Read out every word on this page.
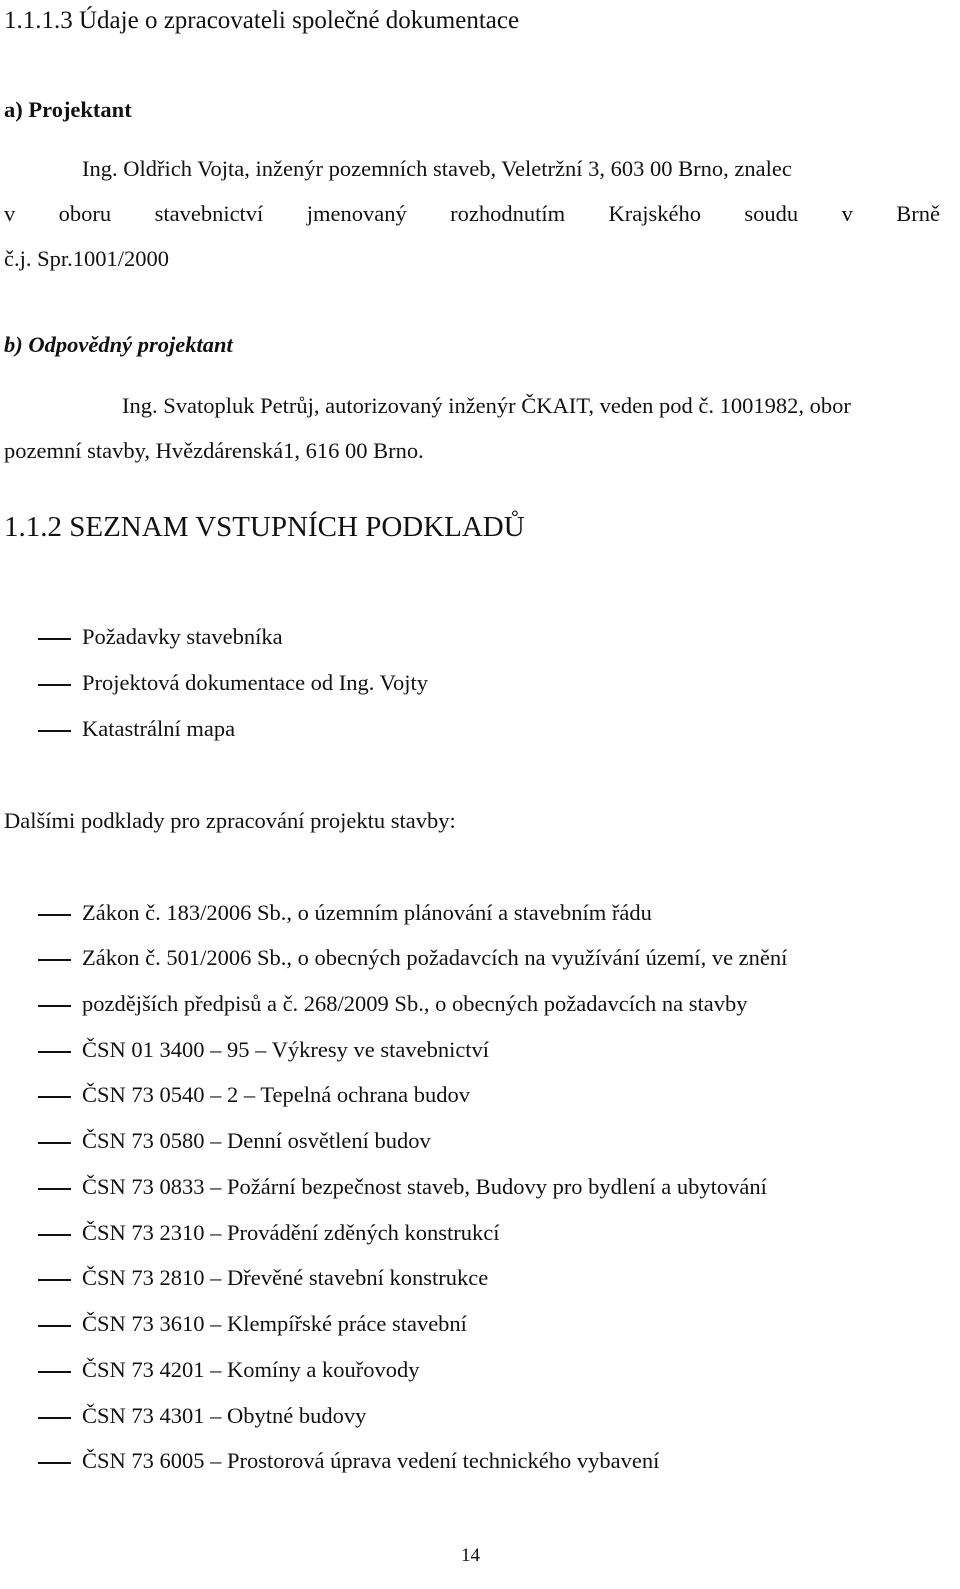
1.1.1.3 Údaje o zpracovateli společné dokumentace
a) Projektant
Ing. Oldřich Vojta, inženýr pozemních staveb, Veletržní 3, 603 00 Brno, znalec
v oboru stavebnictví jmenovaný rozhodnutím Krajského soudu v Brně
č.j. Spr.1001/2000
b) Odpovědný projektant
Ing. Svatopluk Petrůj, autorizovaný inženýr ČKAIT, veden pod č. 1001982, obor
pozemní stavby, Hvězdárenská1, 616 00 Brno.
1.1.2 SEZNAM VSTUPNÍCH PODKLADŮ
Požadavky stavebníka
Projektová dokumentace od Ing. Vojty
Katastrální mapa
Dalšími podklady pro zpracování projektu stavby:
Zákon č. 183/2006 Sb., o územním plánování a stavebním řádu
Zákon č. 501/2006 Sb., o obecných požadavcích na využívání území, ve znění
pozdějších předpisů a č. 268/2009 Sb., o obecných požadavcích na stavby
ČSN 01 3400 – 95 – Výkresy ve stavebnictví
ČSN 73 0540 – 2 – Tepelná ochrana budov
ČSN 73 0580 – Denní osvětlení budov
ČSN 73 0833 – Požární bezpečnost staveb, Budovy pro bydlení a ubytování
ČSN 73 2310 – Provádění zděných konstrukcí
ČSN 73 2810 – Dřevěné stavební konstrukce
ČSN 73 3610 – Klempířské práce stavební
ČSN 73 4201 – Komíny a kouřovody
ČSN 73 4301 – Obytné budovy
ČSN 73 6005 – Prostorová úprava vedení technického vybavení
14
